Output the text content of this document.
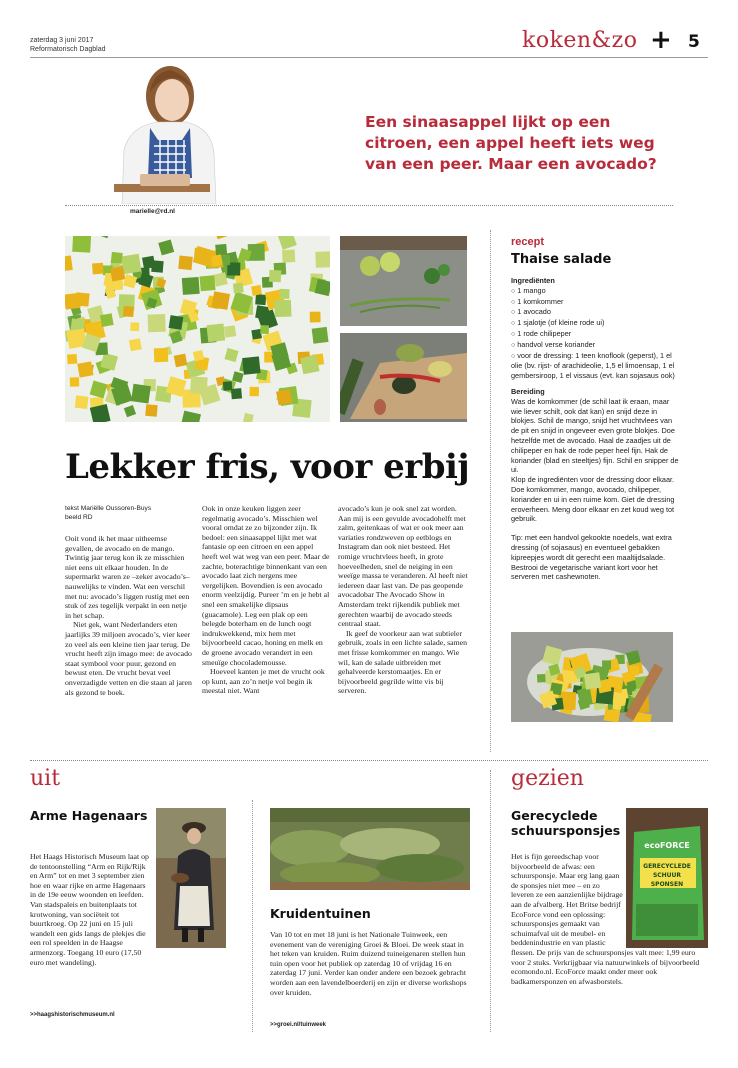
zaterdag 3 juni 2017
Reformatorisch Dagblad	koken&zo + 5
marielle@rd.nl
Een sinaasappel lijkt op een citroen, een appel heeft iets weg van een peer. Maar een avocado?
Lekker fris, voor erbij
tekst Mariëlle Oussoren-Buys
beeld RD

Ooit vond ik het maar uitheemse gevallen, de avocado en de mango. Twintig jaar terug kon ik ze misschien niet eens uit elkaar houden. In de supermarkt waren ze –zeker avocado’s– nauwelijks te vinden. Wat een verschil met nu: avocado’s liggen rustig met een stuk of zes tegelijk verpakt in een netje in het schap.

Niet gek, want Nederlanders eten jaarlijks 39 miljoen avocado’s, vier keer zo veel als een kleine tien jaar terug. De vrucht heeft zijn imago mee: de avocado staat symbool voor puur, gezond en bewust eten. De vrucht bevat veel onverzadigde vetten en die staan al jaren als gezond te boek.

Ook in onze keuken liggen zeer regelmatig avocado’s. Misschien wel vooral omdat ze zo bijzonder zijn. Ik bedoel: een sinaasappel lijkt met wat fantasie op een citroen en een appel heeft wel wat weg van een peer. Maar de zachte, boterachtige binnenkant van een avocado laat zich nergens mee vergelijken. Bovendien is een avocado enorm veelzijdig. Pureer ’m en je hebt al snel een smakelijke dipsaus (guacamole). Leg een plak op een belegde boterham en de lunch oogt indrukwekkend, mix hem met bijvoorbeeld cacao, honing en melk en de groene avocado verandert in een smeuïge chocolademousse.

Hoeveel kanten je met de vrucht ook op kunt, aan zo’n netje vol begin ik meestal niet. Want

avocado’s kun je ook snel zat worden. Aan mij is een gevulde avocadohelft met zalm, geitenkaas of wat er ook meer aan variaties rondzweven op eetblogs en Instagram dan ook niet besteed. Het romige vruchtvlees heeft, in grote hoeveelheden, snel de neiging in een weeïge massa te veranderen. Al heeft niet iedereen daar last van. De pas geopende avocadobar The Avocado Show in Amsterdam trekt rijkendik publiek met gerechten waarbij de avocado steeds centraal staat.

Ik geef de voorkeur aan wat subtieler gebruik, zoals in een lichte salade, samen met frisse komkommer en mango. Wie wil, kan de salade uitbreiden met gehalveerde kerstomaatjes. En er bijvoorbeeld gegrilde witte vis bij serveren.

recept
Thaise salade

Ingrediënten

○ 1 mango

○ 1 komkommer

○ 1 avocado

○ 1 sjalotje (of kleine rode ui)

○ 1 rode chilipeper

○ handvol verse koriander

○ voor de dressing: 1 teen knoflook (geperst), 1 el olie (bv. rijst- of arachideolie, 1,5 el limoensap, 1 el gembersiroop, 1 el vissaus (evt. kan sojasaus ook)

Bereiding

Was de komkommer (de schil laat ik eraan, maar wie liever schilt, ook dat kan) en snijd deze in blokjes. Schil de mango, snijd het vruchtvlees van de pit en snijd in ongeveer even grote blokjes. Doe hetzelfde met de avocado. Haal de zaadjes uit de chilipeper en hak de rode peper heel fijn. Hak de koriander (blad en steeltjes) fijn. Schil en snipper de ui.

Klop de ingrediënten voor de dressing door elkaar.

Doe komkommer, mango, avocado, chilipeper, koriander en ui in een ruime kom. Giet de dressing eroverheen. Meng door elkaar en zet koud weg tot gebruik.

Tip: met een handvol gekookte noedels, wat extra dressing (of sojasaus) en eventueel gebakken kipreepjes wordt dit gerecht een maaltijdsalade. Bestrooi de vegetarische variant kort voor het serveren met cashewnoten.

uit
Arme Hagenaars
Het Haags Historisch Museum laat op de tentoonstelling “Arm en Rijk/Rijk en Arm” tot en met 3 september zien hoe en waar rijke en arme Hagenaars in de 19e eeuw woonden en leefden. Van stadspaleis en buitenplaats tot krotwoning, van sociëteit tot buurtkroeg. Op 22 juni en 15 juli wandelt een gids langs de plekjes die een rol speelden in de Haagse armenzorg. Toegang 10 euro (17,50 euro met wandeling).
>>haagshistorischmuseum.nl
Kruidentuinen
Van 10 tot en met 18 juni is het Nationale Tuinweek, een evenement van de vereniging Groei & Bloei. De week staat in het teken van kruiden. Ruim duizend tuineigenaren stellen hun tuin open voor het publiek op zaterdag 10 of vrijdag 16 en zaterdag 17 juni. Verder kan onder andere een bezoek gebracht worden aan een lavendelboerderij en zijn er diverse workshops over kruiden.
>>groei.nl/tuinweek
gezien
Gerecyclede schuursponsjes
ecoFORCE
GERECYCLEDE
SCHUUR
SPONSEN
Het is fijn gereedschap voor bijvoorbeeld de afwas: een schuursponsje. Maar erg lang gaan de sponsjes niet mee – en zo leveren ze een aanzienlijke bijdrage aan de afvalberg. Het Britse bedrijf EcoForce vond een oplossing: schuursponsjes gemaakt van schuimafval uit de meubel- en beddenindustrie en van plastic flessen. De prijs van de schuursponsjes valt mee: 1,99 euro voor 2 stuks. Verkrijgbaar via natuurwinkels of bijvoorbeeld ecomondo.nl. EcoForce maakt onder meer ook badkamersponzen en afwasborstels.
